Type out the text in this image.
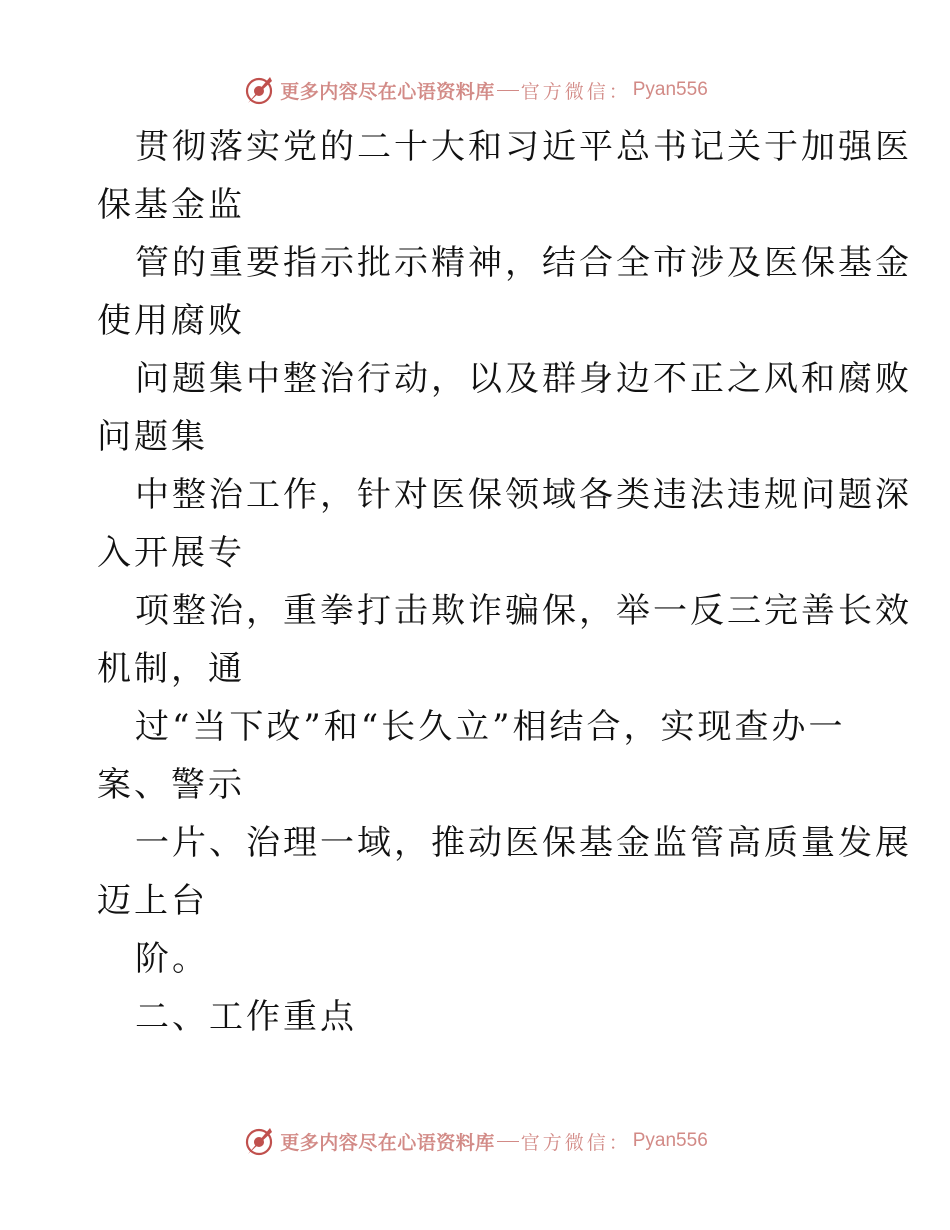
更多内容尽在心语资料库 官方微信： Pyan556
贯彻落实党的二十大和习近平总书记关于加强医
保基金监
管的重要指示批示精神，结合全市涉及医保基金
使用腐败
问题集中整治行动，以及群身边不正之风和腐败
问题集
中整治工作，针对医保领域各类违法违规问题深
入开展专
项整治，重拳打击欺诈骗保，举一反三完善长效
机制，通
过“当下改”和“长久立”相结合，实现查办一
案、警示
一片、治理一域，推动医保基金监管高质量发展
迈上台
阶。
二、工作重点
更多内容尽在心语资料库 官方微信： Pyan556
